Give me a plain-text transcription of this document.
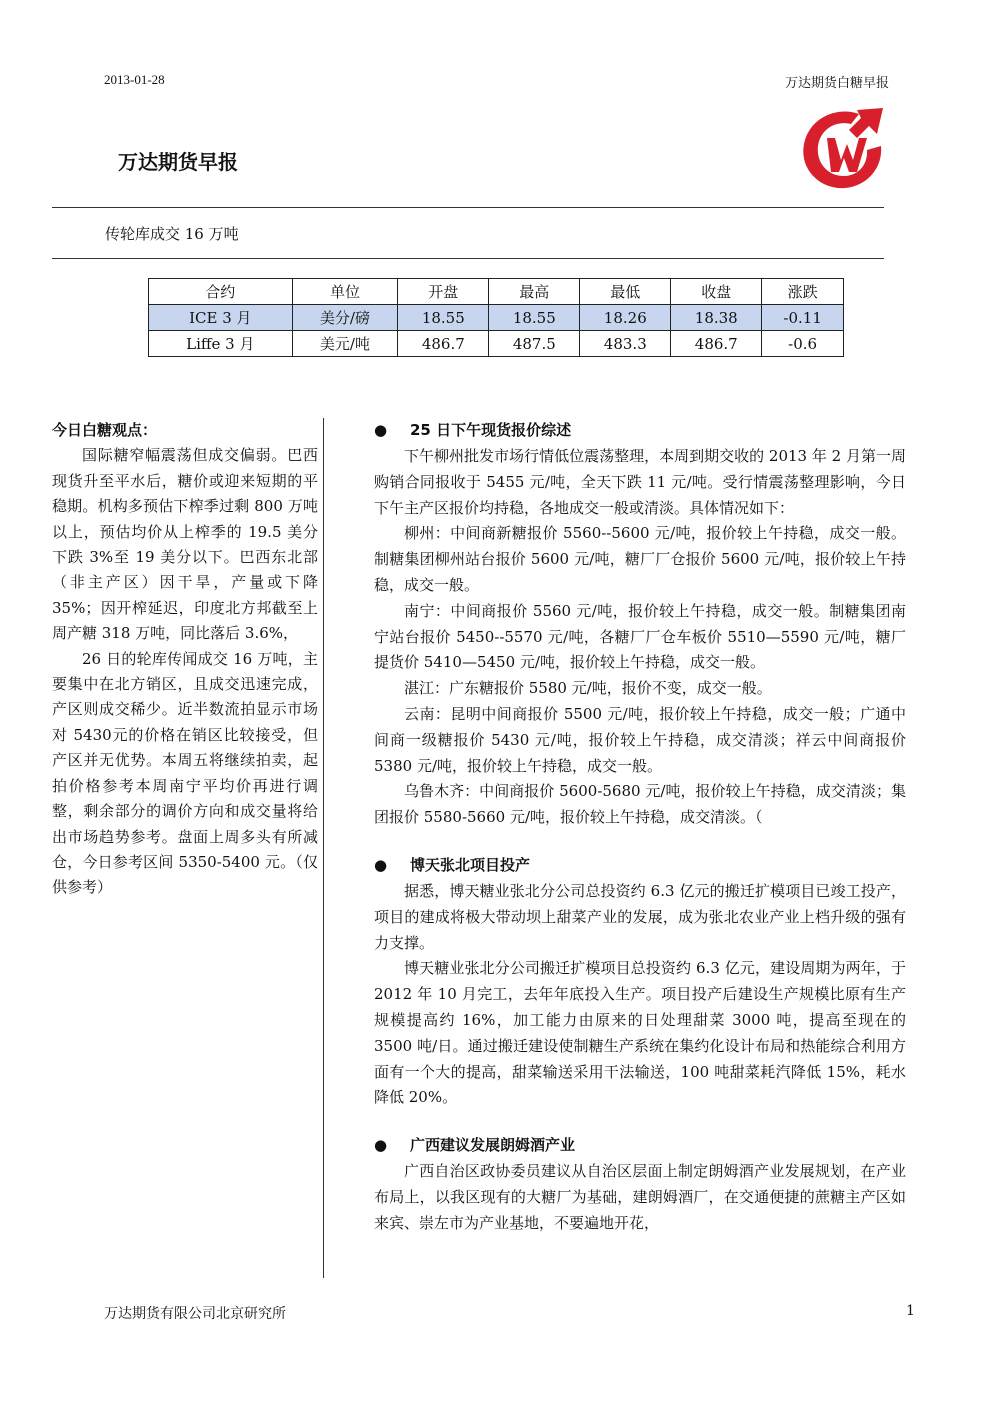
2013-01-28	万达期货白糖早报
万达期货早报
传轮库成交 16 万吨
合约	单位	开盘	最高	最低	收盘	涨跌
ICE 3 月	美分/磅	18.55	18.55	18.26	18.38	-0.11
Liffe 3 月	美元/吨	486.7	487.5	483.3	486.7	-0.6
今日白糖观点：

国际糖窄幅震荡但成交偏弱。巴西现货升至平水后，糖价或迎来短期的平稳期。机构多预估下榨季过剩 800 万吨以上，预估均价从上榨季的 19.5 美分下跌 3%至 19 美分以下。巴西东北部（非主产区）因干旱，产量或下降 35%；因开榨延迟，印度北方邦截至上周产糖 318 万吨，同比落后 3.6%，

26 日的轮库传闻成交 16 万吨，主要集中在北方销区，且成交迅速完成，产区则成交稀少。近半数流拍显示市场对 5430元的价格在销区比较接受，但产区并无优势。本周五将继续拍卖，起拍价格参考本周南宁平均价再进行调整，剩余部分的调价方向和成交量将给出市场趋势参考。盘面上周多头有所减仓，今日参考区间 5350-5400 元。（仅供参考）

● 25 日下午现货报价综述

下午柳州批发市场行情低位震荡整理，本周到期交收的 2013 年 2 月第一周购销合同报收于 5455 元/吨，全天下跌 11 元/吨。受行情震荡整理影响，今日下午主产区报价均持稳，各地成交一般或清淡。具体情况如下：

柳州：中间商新糖报价 5560--5600 元/吨，报价较上午持稳，成交一般。制糖集团柳州站台报价 5600 元/吨，糖厂厂仓报价 5600 元/吨，报价较上午持稳，成交一般。

南宁：中间商报价 5560 元/吨，报价较上午持稳，成交一般。制糖集团南宁站台报价 5450--5570 元/吨，各糖厂厂仓车板价 5510—5590 元/吨，糖厂提货价 5410—5450 元/吨，报价较上午持稳，成交一般。

湛江：广东糖报价 5580 元/吨，报价不变，成交一般。

云南：昆明中间商报价 5500 元/吨，报价较上午持稳，成交一般；广通中间商一级糖报价 5430 元/吨，报价较上午持稳，成交清淡；祥云中间商报价 5380 元/吨，报价较上午持稳，成交一般。

乌鲁木齐：中间商报价 5600-5680 元/吨，报价较上午持稳，成交清淡；集团报价 5580-5660 元/吨，报价较上午持稳，成交清淡。（

● 博天张北项目投产

据悉，博天糖业张北分公司总投资约 6.3 亿元的搬迁扩模项目已竣工投产，项目的建成将极大带动坝上甜菜产业的发展，成为张北农业产业上档升级的强有力支撑。

博天糖业张北分公司搬迁扩模项目总投资约 6.3 亿元，建设周期为两年，于 2012 年 10 月完工，去年年底投入生产。项目投产后建设生产规模比原有生产规模提高约 16%，加工能力由原来的日处理甜菜 3000 吨，提高至现在的 3500 吨/日。通过搬迁建设使制糖生产系统在集约化设计布局和热能综合利用方面有一个大的提高，甜菜输送采用干法输送，100 吨甜菜耗汽降低 15%，耗水降低 20%。

● 广西建议发展朗姆酒产业

广西自治区政协委员建议从自治区层面上制定朗姆酒产业发展规划，在产业布局上，以我区现有的大糖厂为基础，建朗姆酒厂，在交通便捷的蔗糖主产区如来宾、崇左市为产业基地，不要遍地开花，

万达期货有限公司北京研究所	1
